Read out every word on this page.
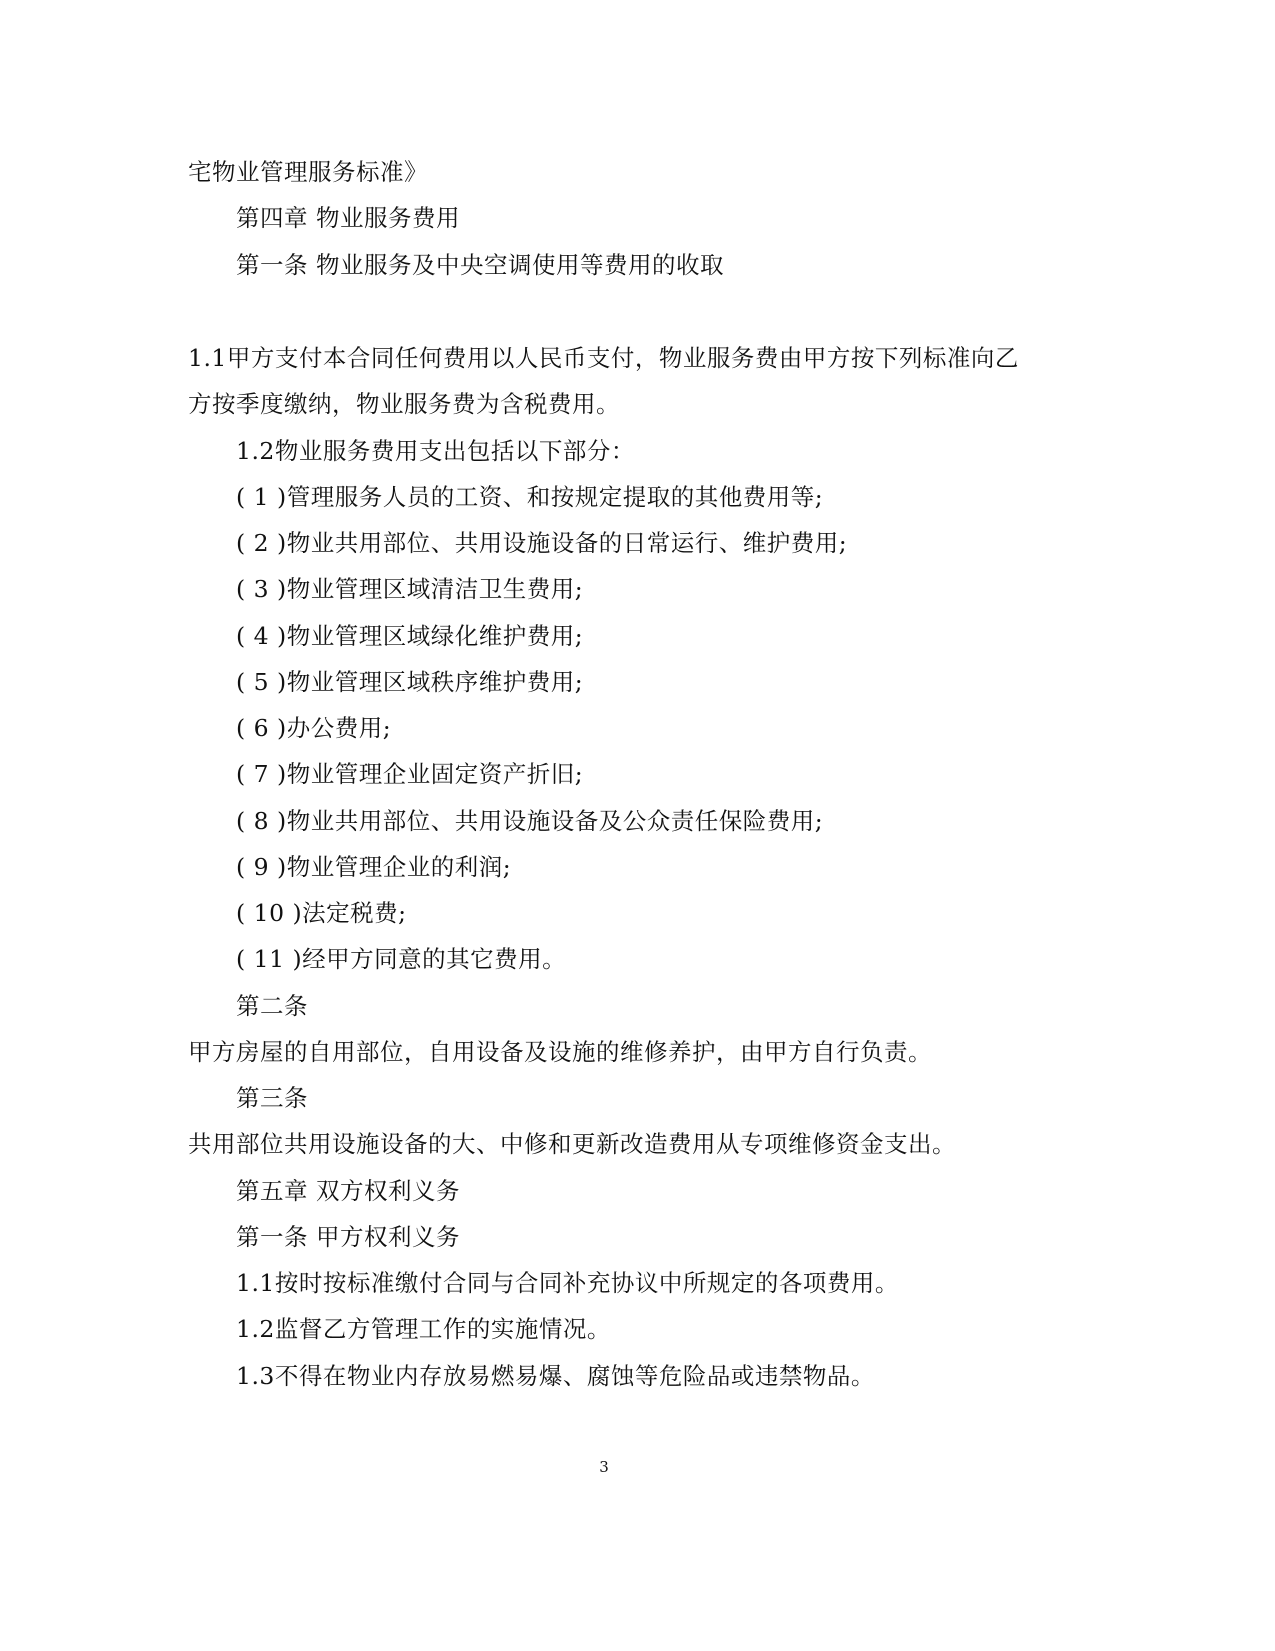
宅物业管理服务标准》
第四章 物业服务费用
第一条 物业服务及中央空调使用等费用的收取
1.1甲方支付本合同任何费用以人民币支付，物业服务费由甲方按下列标准向乙
方按季度缴纳，物业服务费为含税费用。
1.2物业服务费用支出包括以下部分：
( 1 )管理服务人员的工资、和按规定提取的其他费用等;
( 2 )物业共用部位、共用设施设备的日常运行、维护费用;
( 3 )物业管理区域清洁卫生费用;
( 4 )物业管理区域绿化维护费用;
( 5 )物业管理区域秩序维护费用;
( 6 )办公费用;
( 7 )物业管理企业固定资产折旧;
( 8 )物业共用部位、共用设施设备及公众责任保险费用;
( 9 )物业管理企业的利润;
( 10 )法定税费;
( 11 )经甲方同意的其它费用。
第二条
甲方房屋的自用部位，自用设备及设施的维修养护，由甲方自行负责。
第三条
共用部位共用设施设备的大、中修和更新改造费用从专项维修资金支出。
第五章 双方权利义务
第一条 甲方权利义务
1.1按时按标准缴付合同与合同补充协议中所规定的各项费用。
1.2监督乙方管理工作的实施情况。
1.3不得在物业内存放易燃易爆、腐蚀等危险品或违禁物品。
3
